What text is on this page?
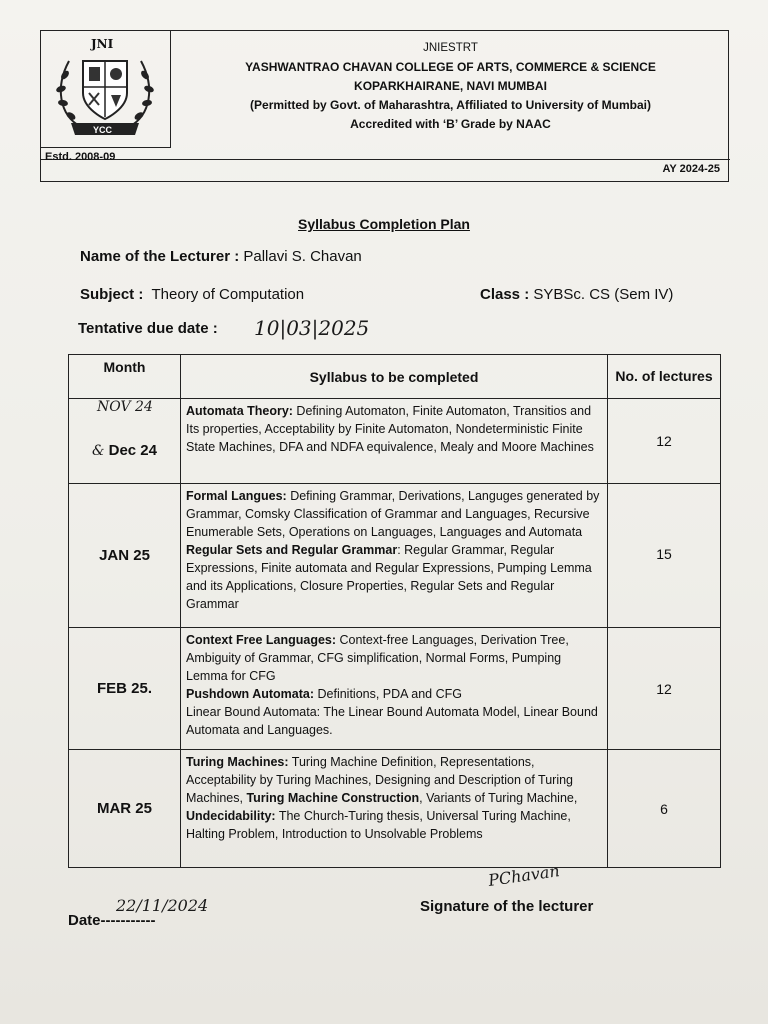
JNI
YCC
JNIESTRT
YASHWANTRAO CHAVAN COLLEGE OF ARTS, COMMERCE & SCIENCE
KOPARKHAIRANE, NAVI MUMBAI
(Permitted by Govt. of Maharashtra, Affiliated to University of Mumbai)
Accredited with ‘B’ Grade by NAAC
Estd. 2008-09
AY 2024-25
Syllabus Completion Plan
Name of the Lecturer : Pallavi S. Chavan
Subject : Theory of Computation	Class : SYBSc. CS (Sem IV)
Tentative due date : 10|03|2025
Month	Syllabus to be completed	No. of lectures

NOV 24
& Dec 24	Automata Theory: Defining Automaton, Finite Automaton, Transitios and Its properties, Acceptability by Finite Automaton, Nondeterministic Finite State Machines, DFA and NDFA equivalence, Mealy and Moore Machines	12
JAN 25	Formal Langues: Defining Grammar, Derivations, Languges generated by Grammar, Comsky Classification of Grammar and Languages, Recursive Enumerable Sets, Operations on Languages, Languages and Automata
Regular Sets and Regular Grammar: Regular Grammar, Regular Expressions, Finite automata and Regular Expressions, Pumping Lemma and its Applications, Closure Properties, Regular Sets and Regular Grammar	15
FEB 25.	Context Free Languages: Context-free Languages, Derivation Tree, Ambiguity of Grammar, CFG simplification, Normal Forms, Pumping Lemma for CFG
Pushdown Automata: Definitions, PDA and CFG
Linear Bound Automata: The Linear Bound Automata Model, Linear Bound Automata and Languages.	12
MAR 25	Turing Machines: Turing Machine Definition, Representations, Acceptability by Turing Machines, Designing and Description of Turing Machines, Turing Machine Construction, Variants of Turing Machine,
Undecidability: The Church-Turing thesis, Universal Turing Machine, Halting Problem, Introduction to Unsolvable Problems	6
PChavan
Signature of the lecturer
22/11/2024
Date-----------
